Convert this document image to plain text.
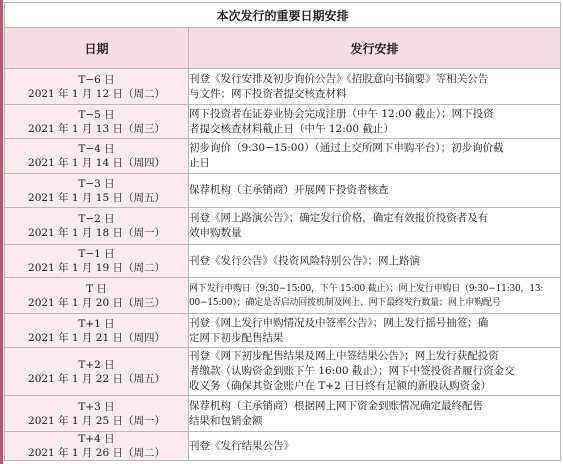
本次发行的重要日期安排	
日期	发行安排

T−6 日
2021 年 1 月 12 日（周二）	刊登《发行安排及初步询价公告》《招股意向书摘要》等相关公告
与文件；网下投资者提交核查材料

T−5 日
2021 年 1 月 13 日（周三）	网下投资者在证券业协会完成注册（中午 12:00 截止）；网下投资
者提交核查材料截止日（中午 12:00 截止）

T−4 日
2021 年 1 月 14 日（周四）	初步询价（9:30−15:00）（通过上交所网下申购平台）；初步询价截
止日

T−3 日
2021 年 1 月 15 日（周五）	保荐机构（主承销商）开展网下投资者核查

T−2 日
2021 年 1 月 18 日（周一）	刊登《网上路演公告》；确定发行价格，确定有效报价投资者及有
效申购数量

T−1 日
2021 年 1 月 19 日（周二）	刊登《发行公告》《投资风险特别公告》；网上路演

T 日
2021 年 1 月 20 日（周三）	网下发行申购日（9:30−15:00，下午 15:00 截止）；网上发行申购日（9:30−11:30，13:
00−15:00）；确定是否启动回拨机制及网上、网下最终发行数量；网上申购配号

T+1 日
2021 年 1 月 21 日（周四）	刊登《网上发行申购情况及中签率公告》；网上发行摇号抽签；确
定网下初步配售结果

T+2 日
2021 年 1 月 22 日（周五）	刊登《网下初步配售结果及网上中签结果公告》；网上发行获配投资
者缴款（认购资金到账下午 16:00 截止）；网下中签投资者履行资金交
收义务（确保其资金账户在 T+2 日日终有足额的新股认购资金）

T+3 日
2021 年 1 月 25 日（周一）	保荐机构（主承销商）根据网上网下资金到账情况确定最终配售
结果和包销金额

T+4 日
2021 年 1 月 26 日（周二）	刊登《发行结果公告》
